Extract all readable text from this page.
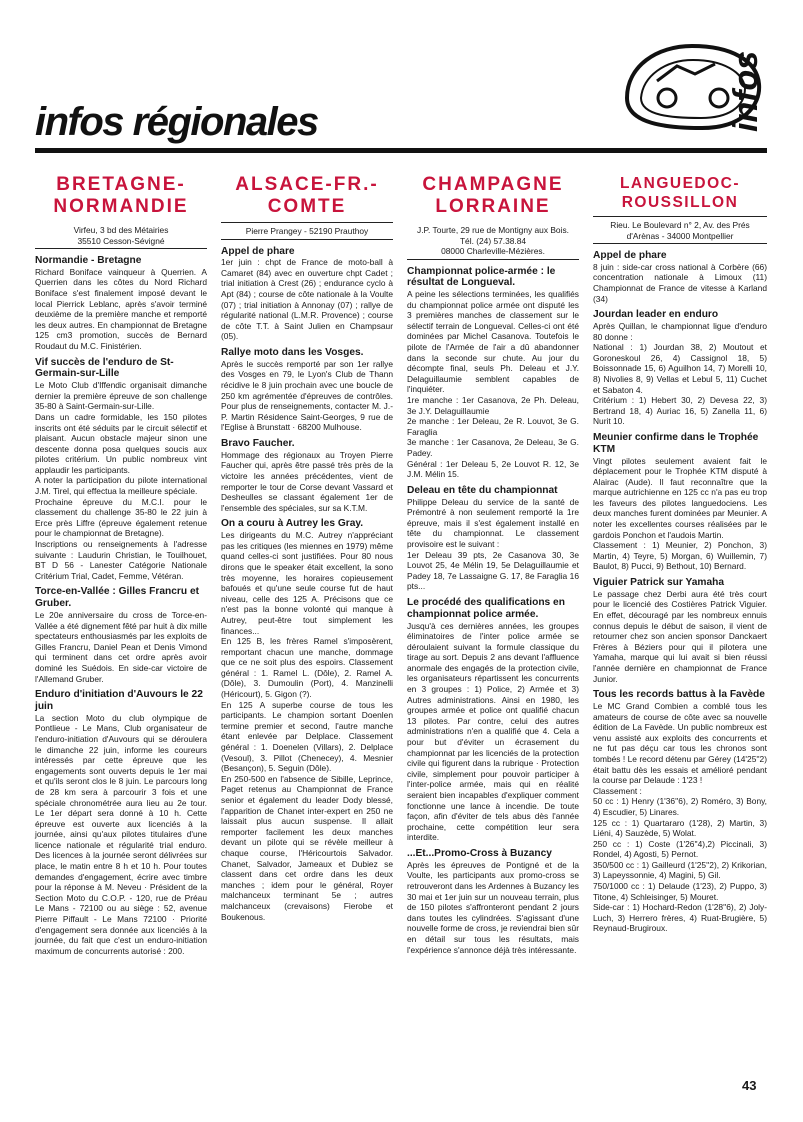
infos
infos régionales
BRETAGNE-NORMANDIE
Virfeu, 3 bd des Métairies
35510 Cesson-Sévigné
Normandie - Bretagne

Richard Boniface vainqueur à Querrien. A Querrien dans les côtes du Nord Richard Boniface s'est finalement imposé devant le local Pierrick Leblanc, après s'avoir terminé deuxième de la première manche et remporté les deux autres. En championnat de Bretagne 125 cm3 promotion, succès de Bernard Roudaut du M.C. Finistérien.

Vif succès de l'enduro de St-Germain-sur-Lille

Le Moto Club d'Iffendic organisait dimanche dernier la première épreuve de son challenge 35-80 à Saint-Germain-sur-Lille.

Dans un cadre formidable, les 150 pilotes inscrits ont été séduits par le circuit sélectif et plaisant. Aucun obstacle majeur sinon une descente donna posa quelques soucis aux pilotes critérium. Un public nombreux vint applaudir les participants.

A noter la participation du pilote international J.M. Tirel, qui effectua la meilleure spéciale.

Prochaine épreuve du M.C.I. pour le classement du challenge 35-80 le 22 juin à Erce près Liffre (épreuve également retenue pour le championnat de Bretagne).

Inscriptions ou renseignements à l'adresse suivante : Laudurin Christian, le Touilhouet, BT D 56 - Lanester Catégorie Nationale Critérium Trial, Cadet, Femme, Vétéran.

Torce-en-Vallée : Gilles Francru et Gruber.

Le 20e anniversaire du cross de Torce-en-Vallée a été dignement fêté par huit à dix mille spectateurs enthousiasmés par les exploits de Gilles Francru, Daniel Pean et Denis Vimond qui terminent dans cet ordre après avoir dominé les Suédois. En side-car victoire de l'Allemand Gruber.

Enduro d'initiation d'Auvours le 22 juin

La section Moto du club olympique de Pontlieue - Le Mans, Club organisateur de l'enduro-initiation d'Auvours qui se déroulera le dimanche 22 juin, informe les coureurs intéressés par cette épreuve que les engagements sont ouverts depuis le 1er mai et qu'ils seront clos le 8 juin. Le parcours long de 28 km sera à parcourir 3 fois et une spéciale chronométrée aura lieu au 2e tour. Le 1er départ sera donné à 10 h. Cette épreuve est ouverte aux licenciés à la journée, ainsi qu'aux pilotes titulaires d'une licence nationale et régularité trial enduro. Des licences à la journée seront délivrées sur place, le matin entre 8 h et 10 h. Pour toutes demandes d'engagement, écrire avec timbre pour la réponse à M. Neveu · Président de la Section Moto du C.O.P. - 120, rue de Préau Le Mans - 72100 ou au siège : 52, avenue Pierre Piffault - Le Mans 72100 · Priorité d'engagement sera donnée aux licenciés à la journée, du fait que c'est un enduro-initiation maximum de concurrents autorisé : 200.

ALSACE-FR.-COMTE
Pierre Prangey - 52190 Prauthoy
Appel de phare

1er juin : chpt de France de moto-ball à Camaret (84) avec en ouverture chpt Cadet ; trial initiation à Crest (26) ; endurance cyclo à Apt (84) ; course de côte nationale à la Voulte (07) ; trial initiation à Annonay (07) ; rallye de régularité national (L.M.R. Provence) ; course de côte T.T. à Saint Julien en Champsaur (05).

Rallye moto dans les Vosges.

Après le succès remporté par son 1er rallye des Vosges en 79, le Lyon's Club de Thann récidive le 8 juin prochain avec une boucle de 250 km agrémentée d'épreuves de contrôles. Pour plus de renseignements, contacter M. J.-P. Martin Résidence Saint-Georges, 9 rue de l'Eglise à Brunstatt · 68200 Mulhouse.

Bravo Faucher.

Hommage des régionaux au Troyen Pierre Faucher qui, après être passé très près de la victoire les années précédentes, vient de remporter le tour de Corse devant Vassard et Desheulles se classant également 1er de l'ensemble des spéciales, sur sa K.T.M.

On a couru à Autrey les Gray.

Les dirigeants du M.C. Autrey n'appréciant pas les critiques (les miennes en 1979) même quand celles-ci sont justifiées. Pour 80 nous dirons que le speaker était excellent, la sono très moyenne, les horaires copieusement bafoués et qu'une seule course fut de haut niveau, celle des 125 A. Précisons que ce n'est pas la bonne volonté qui manque à Autrey, peut-être tout simplement les finances...

En 125 B, les frères Ramel s'imposèrent, remportant chacun une manche, dommage que ce ne soit plus des espoirs. Classement général : 1. Ramel L. (Dôle), 2. Ramel A. (Dôle), 3. Dumoulin (Port), 4. Manzinelli (Héricourt), 5. Gigon (?).

En 125 A superbe course de tous les participants. Le champion sortant Doenlen termine premier et second, l'autre manche étant enlevée par Delplace. Classement général : 1. Doenelen (Villars), 2. Delplace (Vesoul), 3. Pillot (Chenecey), 4. Mesnier (Besançon), 5. Seguin (Dôle).

En 250-500 en l'absence de Sibille, Leprince, Paget retenus au Championnat de France senior et également du leader Dody blessé, l'apparition de Chanet inter-expert en 250 ne laissait plus aucun suspense. Il allait remporter facilement les deux manches devant un pilote qui se révèle meilleur à chaque course, l'Héricourtois Salvador. Chanet, Salvador, Jameaux et Dubiez se classent dans cet ordre dans les deux manches ; idem pour le général, Royer malchanceux terminant 5e ; autres malchanceux (crevaisons) Fierobe et Boukenous.

CHAMPAGNE LORRAINE
J.P. Tourte, 29 rue de Montigny aux Bois.
Tél. (24) 57.38.84
08000 Charleville-Mézières.
Championnat police-armée : le résultat de Longueval.

A peine les sélections terminées, les qualifiés du championnat police armée ont disputé les 3 premières manches de classement sur le sélectif terrain de Longueval. Celles-ci ont été dominées par Michel Casanova. Toutefois le pilote de l'Armée de l'air a dû abandonner dans la seconde sur chute. Au jour du décompte final, seuls Ph. Deleau et J.Y. Delaguillaumie semblent capables de l'inquiéter.

1re manche : 1er Casanova, 2e Ph. Deleau, 3e J.Y. Delaguillaumie

2e manche : 1er Deleau, 2e R. Louvot, 3e G. Faraglia

3e manche : 1er Casanova, 2e Deleau, 3e G. Padey.

Général : 1er Deleau 5, 2e Louvot R. 12, 3e J.M. Mélin 15.

Deleau en tête du championnat

Philippe Deleau du service de la santé de Prémontré à non seulement remporté la 1re épreuve, mais il s'est également installé en tête du championnat. Le classement provisoire est le suivant :

1er Deleau 39 pts, 2e Casanova 30, 3e Louvot 25, 4e Mélin 19, 5e Delaguillaumie et Padey 18, 7e Lassaigne G. 17, 8e Faraglia 16 pts...

Le procédé des qualifications en championnat police armée.

Jusqu'à ces dernières années, les groupes éliminatoires de l'inter police armée se déroulaient suivant la formule classique du tirage au sort. Depuis 2 ans devant l'affluence anormale des engagés de la protection civile, les organisateurs répartissent les concurrents en 3 groupes : 1) Police, 2) Armée et 3) Autres administrations. Ainsi en 1980, les groupes armée et police ont qualifié chacun 13 pilotes. Par contre, celui des autres administrations n'en a qualifié que 4. Cela a pour but d'éviter un écrasement du championnat par les licenciés de la protection civile qui figurent dans la rubrique · Protection civile, simplement pour pouvoir participer à l'inter-police armée, mais qui en réalité seraient bien incapables d'expliquer comment fonctionne une lance à incendie. De toute façon, afin d'éviter de tels abus dès l'année prochaine, cette compétition leur sera interdite.

...Et...Promo-Cross à Buzancy

Après les épreuves de Pontigné et de la Voulte, les participants aux promo-cross se retrouveront dans les Ardennes à Buzancy les 30 mai et 1er juin sur un nouveau terrain, plus de 150 pilotes s'affronteront pendant 2 jours dans toutes les cylindrées. S'agissant d'une nouvelle forme de cross, je reviendrai bien sûr en détail sur tous les résultats, mais l'expérience s'annonce déjà très intéressante.

LANGUEDOC-ROUSSILLON
Rieu. Le Boulevard n° 2, Av. des Prés d'Arènas - 34000 Montpellier
Appel de phare

8 juin : side-car cross national à Corbère (66) concentration nationale à Limoux (11) Championnat de France de vitesse à Karland (34)

Jourdan leader en enduro

Après Quillan, le championnat ligue d'enduro 80 donne :

National : 1) Jourdan 38, 2) Moutout et Goroneskoul 26, 4) Cassignol 18, 5) Boissonnade 15, 6) Aguilhon 14, 7) Morelli 10, 8) Nivolies 8, 9) Vellas et Lebul 5, 11) Cuchet et Sabaton 4.

Critérium : 1) Hebert 30, 2) Devesa 22, 3) Bertrand 18, 4) Auriac 16, 5) Zanella 11, 6) Nurit 10.

Meunier confirme dans le Trophée KTM

Vingt pilotes seulement avaient fait le déplacement pour le Trophée KTM disputé à Alairac (Aude). Il faut reconnaître que la marque autrichienne en 125 cc n'a pas eu trop les faveurs des pilotes languedociens. Les deux manches furent dominées par Meunier. A noter les excellentes courses réalisées par le gardois Ponchon et l'audois Martin.

Classement : 1) Meunier, 2) Ponchon, 3) Martin, 4) Teyre, 5) Morgan, 6) Wuillemin, 7) Baulot, 8) Pucci, 9) Bethout, 10) Bernard.

Viguier Patrick sur Yamaha

Le passage chez Derbi aura été très court pour le licencié des Costières Patrick Viguier. En effet, découragé par les nombreux ennuis connus depuis le début de saison, il vient de retourner chez son ancien sponsor Danckaert Frères à Béziers pour qui il pilotera une Yamaha, marque qui lui avait si bien réussi l'année dernière en championnat de France Junior.

Tous les records battus à la Favède

Le MC Grand Combien a comblé tous les amateurs de course de côte avec sa nouvelle édition de La Favède. Un public nombreux est venu assisté aux exploits des concurrents et ne fut pas déçu car tous les chronos sont tombés ! Le record détenu par Gérey (14'25''2) était battu dès les essais et amélioré pendant la course par Delaude : 1'23 !

Classement :

50 cc : 1) Henry (1'36''6), 2) Roméro, 3) Bony, 4) Escudier, 5) Linares.

125 cc : 1) Quartararo (1'28), 2) Martin, 3) Liéni, 4) Sauzède, 5) Wolat.

250 cc : 1) Coste (1'26''4),2) Piccinali, 3) Rondel, 4) Agosti, 5) Pernot.

350/500 cc : 1) Gailleurd (1'25''2), 2) Krikorian, 3) Lapeyssonnie, 4) Magini, 5) Gil.

750/1000 cc : 1) Delaude (1'23), 2) Puppo, 3) Titone, 4) Schleisinger, 5) Mouret.

Side-car : 1) Hochard-Redon (1'28''6), 2) Joly-Luch, 3) Herrero frères, 4) Ruat-Brugière, 5) Reynaud-Brugiroux.

43
